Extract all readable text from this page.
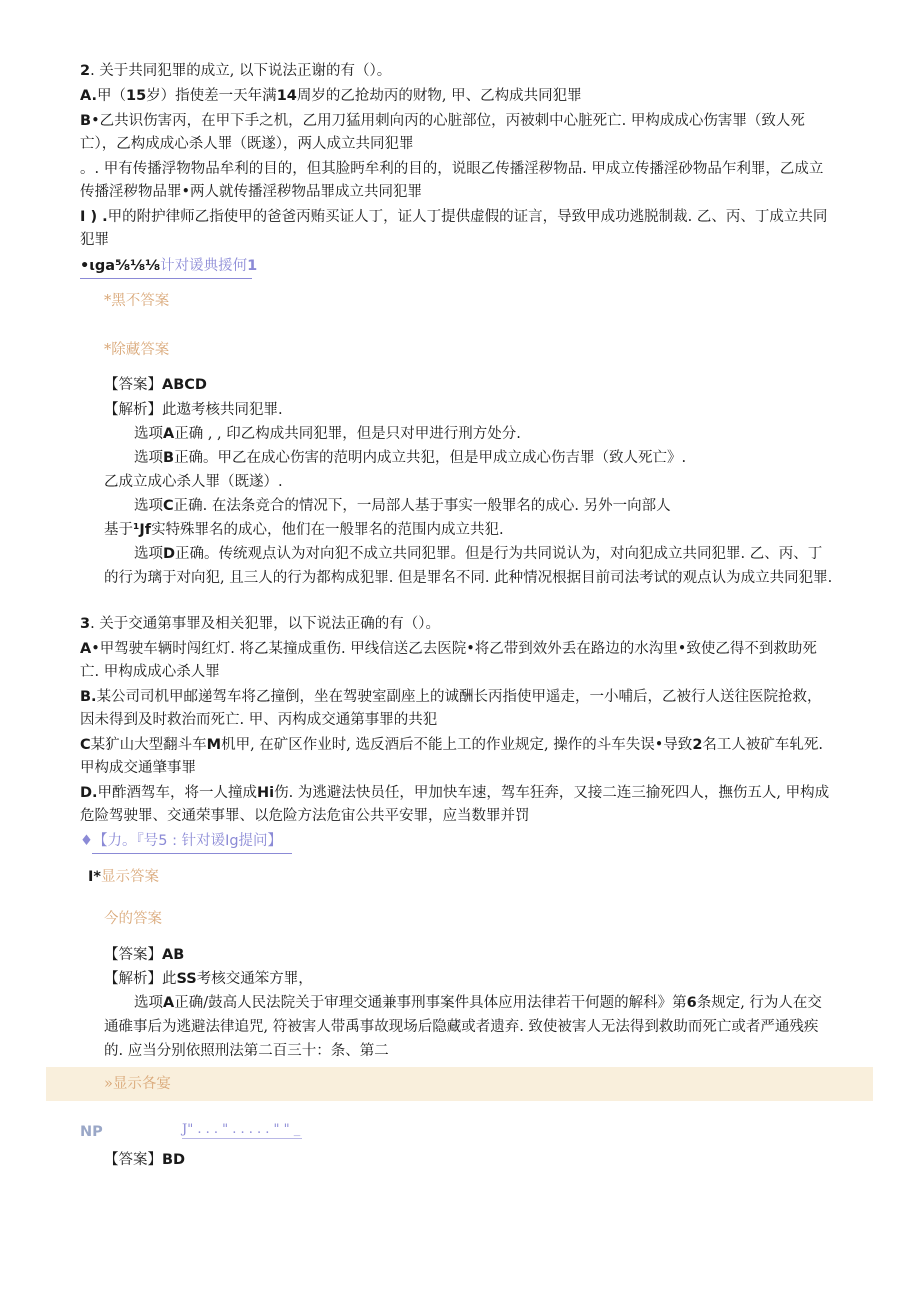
2. 关于共同犯罪的成立, 以下说法正谢的有（）。
A.甲（15岁）指使差一天年满14周岁的乙抢劫丙的财物, 甲、乙构成共同犯罪
B•乙共识伤害丙，在甲下手之机，乙用刀猛用刺向丙的心脏部位，丙被刺中心脏死亡. 甲构成成心伤害罪（致人死
亡），乙构成成心杀人罪（既遂），两人成立共同犯罪
。. 甲有传播浮物物品牟利的目的，但其脸眄牟利的目的，说眼乙传播淫秽物品. 甲成立传播淫砂物品乍利罪，乙成立
传播淫秽物品罪•两人就传播淫秽物品罪成立共同犯罪
I ) .甲的附护律师乙指使甲的爸爸丙贿买证人丁，证人丁提供虚假的证言，导致甲成功逃脱制裁. 乙、丙、丁成立共同
犯罪
•ιga⅝⅛⅛计对谖典援何1
*黑不答案
*除藏答案
【答案】ABCD
【解析】此遨考核共同犯罪.
选项A正确 , , 印乙构成共同犯罪，但是只对甲进行刑方处分.
选项B正确。甲乙在成心伤害的范明内成立共犯，但是甲成立成心伤吉罪（致人死亡》.
乙成立成心杀人罪（既遂）.
选项C正确. 在法条竞合的情况下，一局部人基于事实一般罪名的成心. 另外一向部人
基于¹Jf实特殊罪名的成心，他们在一般罪名的范围内成立共犯.
选项D正确。传统观点认为对向犯不成立共同犯罪。但是行为共同说认为，对向犯成立共同犯罪. 乙、丙、丁
的行为璃于对向犯, 且三人的行为都构成犯罪. 但是罪名不同. 此种情况根据目前司法考试的观点认为成立共同犯罪.
3. 关于交通第事罪及相关犯罪，以下说法正确的有（）。
A•甲驾驶车辆时闯红灯. 将乙某撞成重伤. 甲线信送乙去医院•将乙带到效外丢在路边的水沟里•致使乙得不到救助死
亡. 甲构成成心杀人罪
B.某公司司机甲邮递驾车将乙撞倒，坐在驾驶室副座上的诚酬长丙指使甲遥走，一小哺后，乙被行人送往医院抢救，
因未得到及时救治而死亡. 甲、丙构成交通第事罪的共犯
C某犷山大型翻斗车M机甲, 在矿区作业时, 选反酒后不能上工的作业规定, 操作的斗车失误•导致2名工人被矿车轧死.
甲构成交通肇事罪
D.甲酢酒驾车，将一人撞成Hi伤. 为逃避法快员任，甲加快车速，驾车狂奔，又接二连三揄死四人，撫伤五人, 甲构成
危险驾驶罪、交通荣事罪、以危险方法危宙公共平安罪，应当数罪并罚
♦【力。『号5 : 针对谖Ig提问】
I*显示答案
今的答案
【答案】AB
【解析】此SS考核交通笨方罪，
选项A正确/鼓高人民法院关于审理交通兼事刑事案件具体应用法律若干何题的解科》第6条规定, 行为人在交
通碓事后为逃避法律追咒, 符被害人带禹事故现场后隐藏或者遗弃. 致使被害人无法得到救助而死亡或者严通残疾
的. 应当分别依照刑法第二百三十：条、第二
»显示各宴
NP	J" . . . " . . . . . " " _
【答案】BD
